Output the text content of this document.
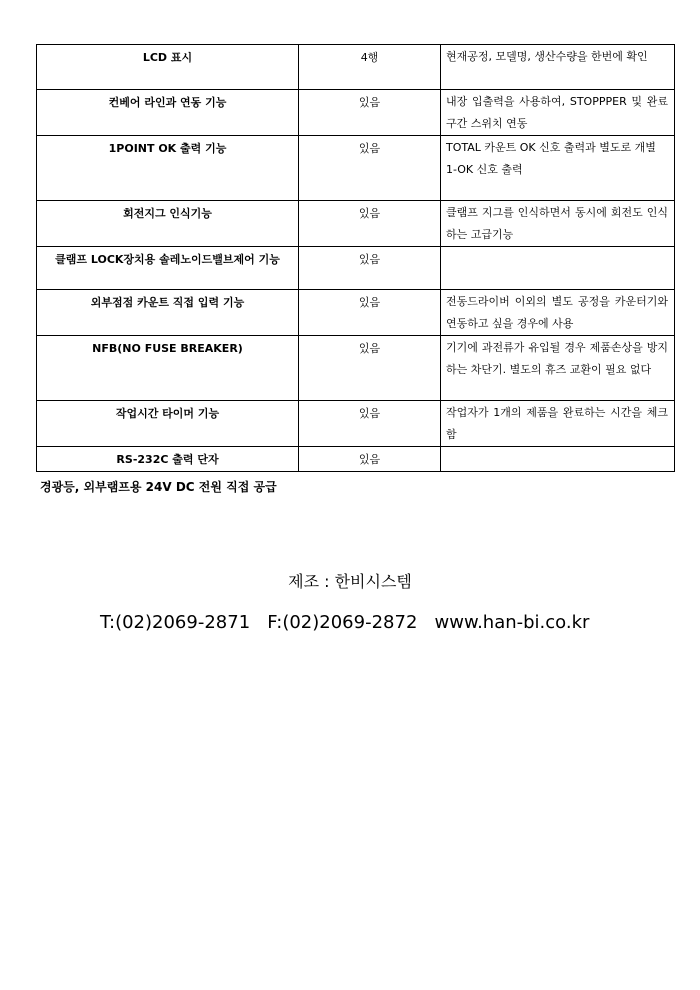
LCD 표시	4행	현재공정, 모델명, 생산수량을 한번에 확인
컨베어 라인과 연동 기능	있음	내장 입출력을 사용하여, STOPPPER 및 완료 구간 스위치 연동
1POINT OK 출력 기능	있음	TOTAL 카운트 OK 신호 출력과 별도로 개별
1-OK 신호 출력

회전지그 인식기능	있음	클램프 지그를 인식하면서 동시에 회전도 인식하는 고급기능
클램프 LOCK장치용 솔레노이드밸브제어 기능	있음	
외부점점 카운트 직접 입력 기능	있음	전동드라이버 이외의 별도 공정을 카운터기와 연동하고 싶을 경우에 사용
NFB(NO FUSE BREAKER)	있음	기기에 과전류가 유입될 경우 제품손상을 방지하는 차단기. 별도의 휴즈 교환이 필요 없다
작업시간 타이머 기능	있음	작업자가 1개의 제품을 완료하는 시간을 체크함
RS-232C 출력 단자	있음	
경광등, 외부램프용 24V DC 전원 직접 공급
제조 : 한비시스템
T:(02)2069-2871   F:(02)2069-2872   www.han-bi.co.kr
